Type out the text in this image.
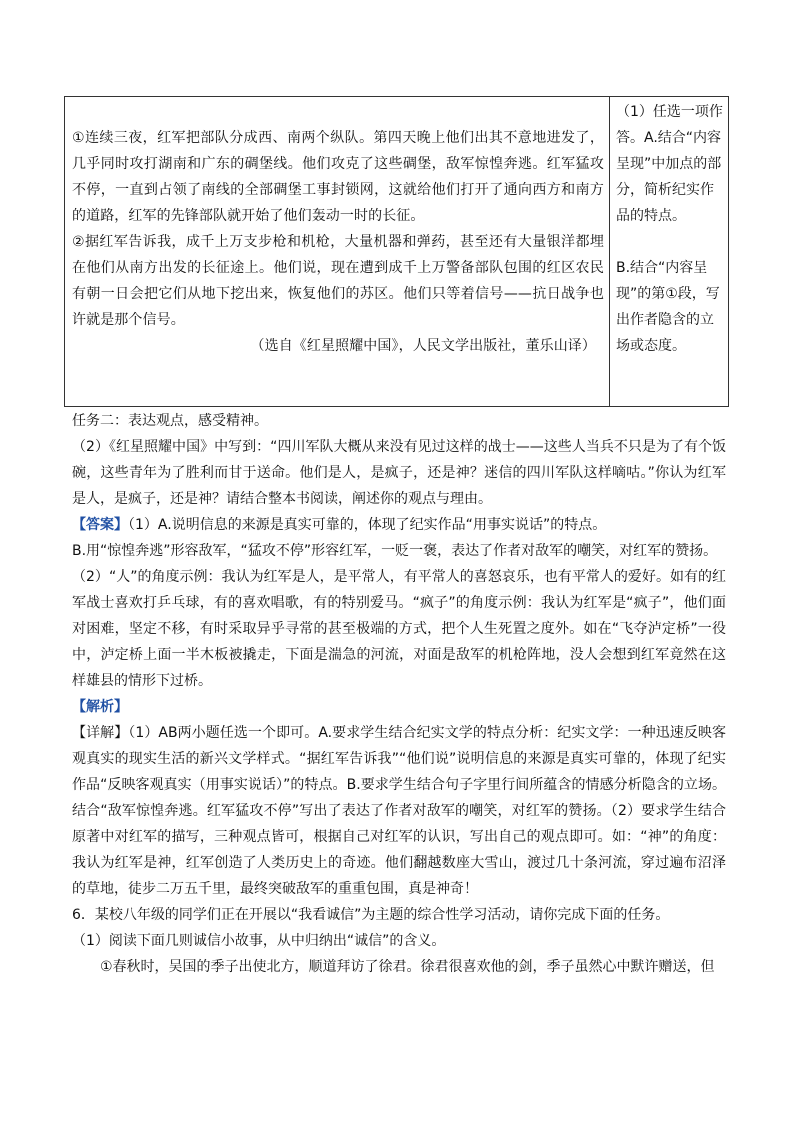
①连续三夜，红军把部队分成西、南两个纵队。第四天晚上他们出其不意地进发了，几乎同时攻打湖南和广东的碉堡线。他们攻克了这些碉堡，敌军惊惶奔逃。红军猛攻不停，一直到占领了南线的全部碉堡工事封锁网，这就给他们打开了通向西方和南方的道路，红军的先锋部队就开始了他们轰动一时的长征。

②据红军告诉我，成千上万支步枪和机枪，大量机器和弹药，甚至还有大量银洋都埋在他们从南方出发的长征途上。他们说，现在遭到成千上万警备部队包围的红区农民有朝一日会把它们从地下挖出来，恢复他们的苏区。他们只等着信号——抗日战争也许就是那个信号。

（选自《红星照耀中国》，人民文学出版社，董乐山译）

（1）任选一项作答。A.结合“内容呈现”中加点的部分，简析纪实作品的特点。

B.结合“内容呈现”的第①段，写出作者隐含的立场或态度。

任务二：表达观点，感受精神。

（2）《红星照耀中国》中写到：“四川军队大概从来没有见过这样的战士——这些人当兵不只是为了有个饭碗，这些青年为了胜利而甘于送命。他们是人，是疯子，还是神？迷信的四川军队这样嘀咕。”你认为红军是人，是疯子，还是神？请结合整本书阅读，阐述你的观点与理由。

【答案】（1）A.说明信息的来源是真实可靠的，体现了纪实作品“用事实说话”的特点。

B.用“惊惶奔逃”形容敌军，“猛攻不停”形容红军，一贬一褒，表达了作者对敌军的嘲笑，对红军的赞扬。

（2）“人”的角度示例：我认为红军是人，是平常人，有平常人的喜怒哀乐，也有平常人的爱好。如有的红军战士喜欢打乒乓球，有的喜欢唱歌，有的特别爱马。“疯子”的角度示例：我认为红军是“疯子”，他们面对困难，坚定不移，有时采取异乎寻常的甚至极端的方式，把个人生死置之度外。如在“飞夺泸定桥”一役中，泸定桥上面一半木板被撬走，下面是湍急的河流，对面是敌军的机枪阵地，没人会想到红军竟然在这样雄县的情形下过桥。

【解析】

【详解】（1）AB两小题任选一个即可。A.要求学生结合纪实文学的特点分析：纪实文学：一种迅速反映客观真实的现实生活的新兴文学样式。“据红军告诉我”“他们说”说明信息的来源是真实可靠的，体现了纪实作品“反映客观真实（用事实说话）”的特点。B.要求学生结合句子字里行间所蕴含的情感分析隐含的立场。结合“敌军惊惶奔逃。红军猛攻不停”写出了表达了作者对敌军的嘲笑，对红军的赞扬。（2）要求学生结合原著中对红军的描写，三种观点皆可，根据自己对红军的认识，写出自己的观点即可。如：“神”的角度：我认为红军是神，红军创造了人类历史上的奇迹。他们翻越数座大雪山，渡过几十条河流，穿过遍布沼泽的草地，徒步二万五千里，最终突破敌军的重重包围，真是神奇！

6．某校八年级的同学们正在开展以“我看诚信”为主题的综合性学习活动，请你完成下面的任务。

（1）阅读下面几则诚信小故事，从中归纳出“诚信”的含义。

①春秋时，吴国的季子出使北方，顺道拜访了徐君。徐君很喜欢他的剑，季子虽然心中默许赠送，但
